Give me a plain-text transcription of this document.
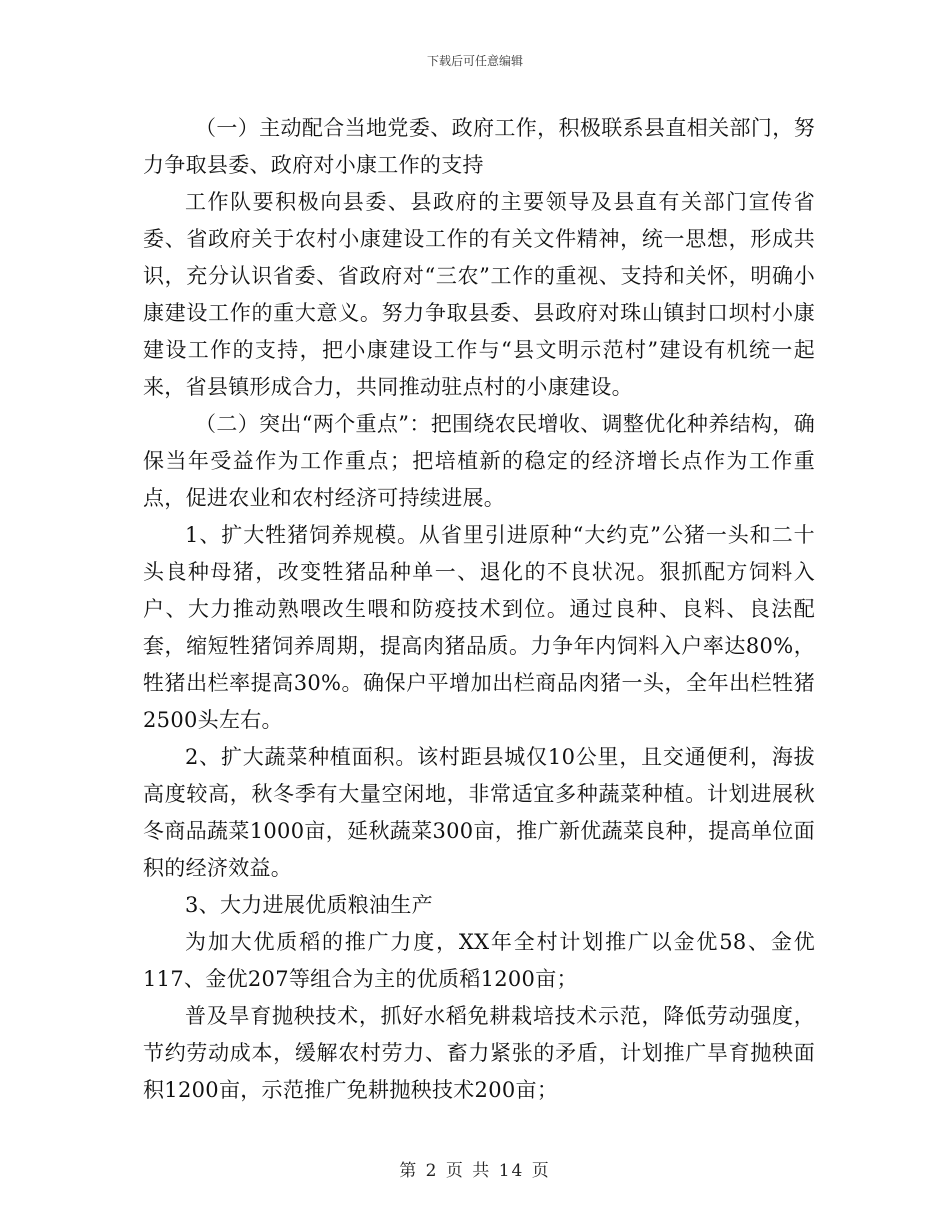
下载后可任意编辑

（一）主动配合当地党委、政府工作，积极联系县直相关部门，努力争取县委、政府对小康工作的支持

工作队要积极向县委、县政府的主要领导及县直有关部门宣传省委、省政府关于农村小康建设工作的有关文件精神，统一思想，形成共识，充分认识省委、省政府对“三农”工作的重视、支持和关怀，明确小康建设工作的重大意义。努力争取县委、县政府对珠山镇封口坝村小康建设工作的支持，把小康建设工作与“县文明示范村”建设有机统一起来，省县镇形成合力，共同推动驻点村的小康建设。

（二）突出“两个重点”：把围绕农民增收、调整优化种养结构，确保当年受益作为工作重点；把培植新的稳定的经济增长点作为工作重点，促进农业和农村经济可持续进展。

1、扩大牲猪饲养规模。从省里引进原种“大约克”公猪一头和二十头良种母猪，改变牲猪品种单一、退化的不良状况。狠抓配方饲料入户、大力推动熟喂改生喂和防疫技术到位。通过良种、良料、良法配套，缩短牲猪饲养周期，提高肉猪品质。力争年内饲料入户率达80%，牲猪出栏率提高30%。确保户平增加出栏商品肉猪一头，全年出栏牲猪2500头左右。

2、扩大蔬菜种植面积。该村距县城仅10公里，且交通便利，海拔高度较高，秋冬季有大量空闲地，非常适宜多种蔬菜种植。计划进展秋冬商品蔬菜1000亩，延秋蔬菜300亩，推广新优蔬菜良种，提高单位面积的经济效益。

3、大力进展优质粮油生产

为加大优质稻的推广力度，XX年全村计划推广以金优58、金优117、金优207等组合为主的优质稻1200亩；

普及旱育抛秧技术，抓好水稻免耕栽培技术示范，降低劳动强度，节约劳动成本，缓解农村劳力、畜力紧张的矛盾，计划推广旱育抛秧面积1200亩，示范推广免耕抛秧技术200亩；

第 2 页 共 14 页
